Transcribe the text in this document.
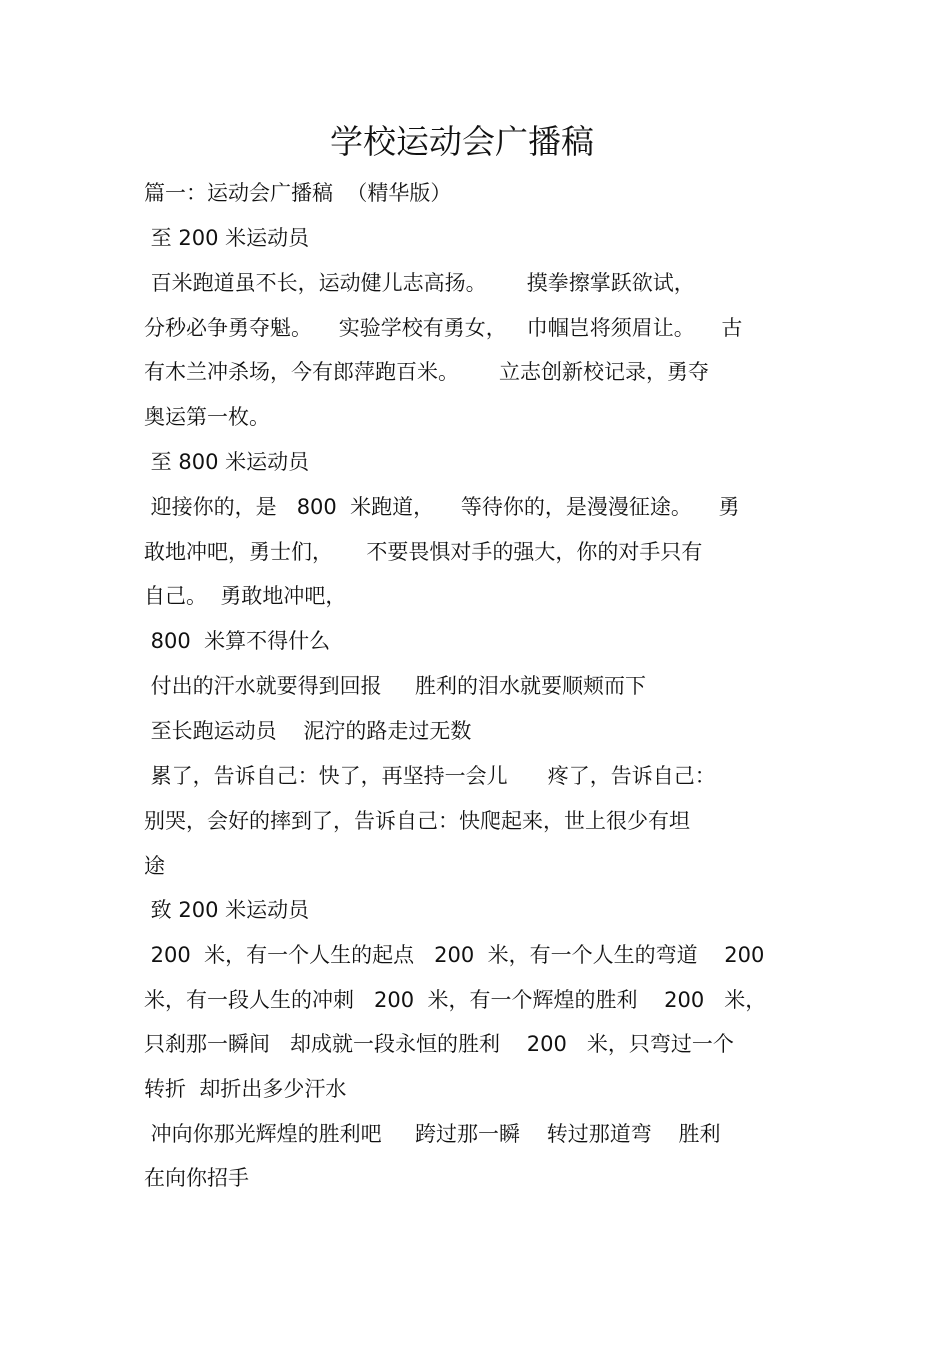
学校运动会广播稿
篇一：运动会广播稿  （精华版）
至 200 米运动员
百米跑道虽不长，运动健儿志高扬。      摸拳擦掌跃欲试，
分秒必争勇夺魁。    实验学校有勇女，   巾帼岂将须眉让。    古
有木兰冲杀场，今有郎萍跑百米。      立志创新校记录，勇夺
奥运第一枚。
至 800 米运动员
迎接你的，是   800  米跑道，    等待你的，是漫漫征途。    勇
敢地冲吧，勇士们，     不要畏惧对手的强大，你的对手只有
自己。  勇敢地冲吧，
800  米算不得什么
付出的汗水就要得到回报     胜利的泪水就要顺颊而下
至长跑运动员    泥泞的路走过无数
累了，告诉自己：快了，再坚持一会儿      疼了，告诉自己：
别哭，会好的摔到了，告诉自己：快爬起来，世上很少有坦
途
致 200 米运动员
200  米，有一个人生的起点   200  米，有一个人生的弯道    200
米，有一段人生的冲刺   200  米，有一个辉煌的胜利    200   米，
只刹那一瞬间   却成就一段永恒的胜利    200   米，只弯过一个
转折  却折出多少汗水
冲向你那光辉煌的胜利吧     跨过那一瞬    转过那道弯    胜利
在向你招手
